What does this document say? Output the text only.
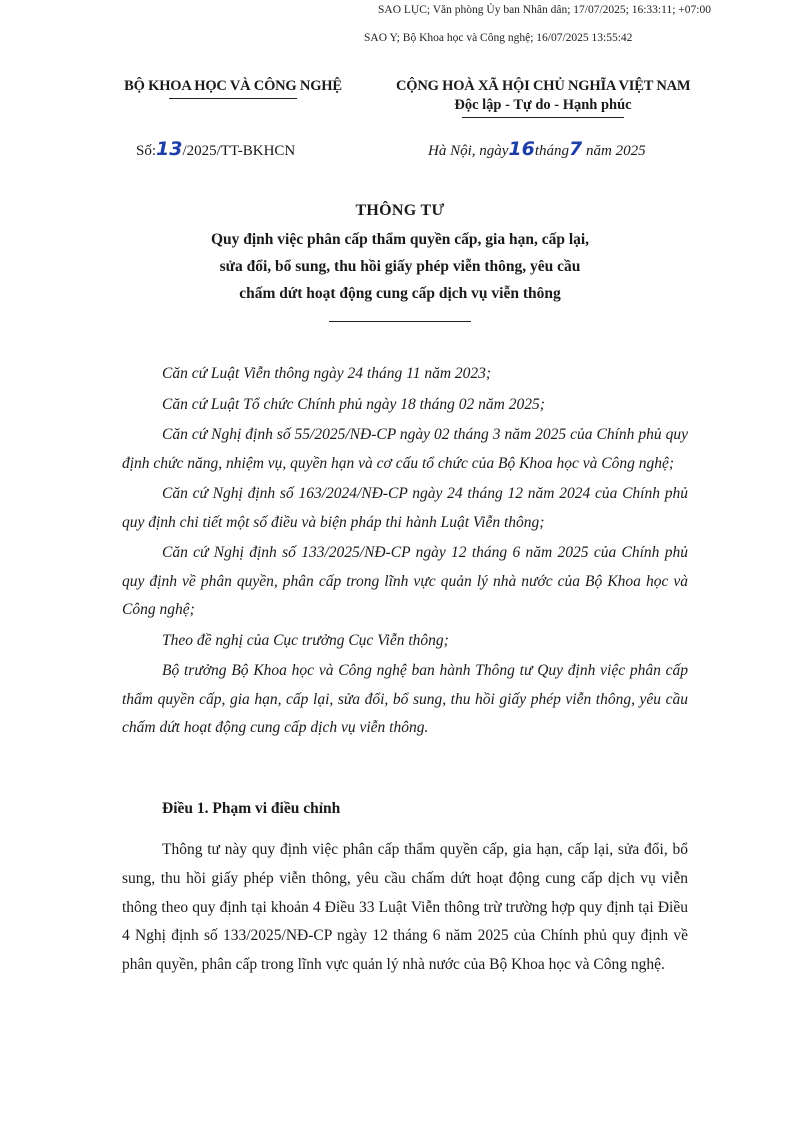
SAO LỤC; Văn phòng Ủy ban Nhân dân; 17/07/2025; 16:33:11; +07:00
SAO Y; Bộ Khoa học và Công nghệ; 16/07/2025 13:55:42
BỘ KHOA HỌC VÀ CÔNG NGHỆ	CỘNG HOÀ XÃ HỘI CHỦ NGHĨA VIỆT NAM
Độc lập - Tự do - Hạnh phúc
Số:13/2025/TT-BKHCN	Hà Nội, ngày16tháng7 năm 2025
THÔNG TƯ
Quy định việc phân cấp thẩm quyền cấp, gia hạn, cấp lại,
sửa đổi, bổ sung, thu hồi giấy phép viễn thông, yêu cầu
chấm dứt hoạt động cung cấp dịch vụ viễn thông

Căn cứ Luật Viễn thông ngày 24 tháng 11 năm 2023;

Căn cứ Luật Tổ chức Chính phủ ngày 18 tháng 02 năm 2025;

Căn cứ Nghị định số 55/2025/NĐ-CP ngày 02 tháng 3 năm 2025 của Chính phủ quy định chức năng, nhiệm vụ, quyền hạn và cơ cấu tổ chức của Bộ Khoa học và Công nghệ;

Căn cứ Nghị định số 163/2024/NĐ-CP ngày 24 tháng 12 năm 2024 của Chính phủ quy định chi tiết một số điều và biện pháp thi hành Luật Viễn thông;

Căn cứ Nghị định số 133/2025/NĐ-CP ngày 12 tháng 6 năm 2025 của Chính phủ quy định về phân quyền, phân cấp trong lĩnh vực quản lý nhà nước của Bộ Khoa học và Công nghệ;

Theo đề nghị của Cục trưởng Cục Viễn thông;

Bộ trưởng Bộ Khoa học và Công nghệ ban hành Thông tư Quy định việc phân cấp thẩm quyền cấp, gia hạn, cấp lại, sửa đổi, bổ sung, thu hồi giấy phép viễn thông, yêu cầu chấm dứt hoạt động cung cấp dịch vụ viễn thông.

Điều 1. Phạm vi điều chỉnh

Thông tư này quy định việc phân cấp thẩm quyền cấp, gia hạn, cấp lại, sửa đổi, bổ sung, thu hồi giấy phép viễn thông, yêu cầu chấm dứt hoạt động cung cấp dịch vụ viễn thông theo quy định tại khoản 4 Điều 33 Luật Viễn thông trừ trường hợp quy định tại Điều 4 Nghị định số 133/2025/NĐ-CP ngày 12 tháng 6 năm 2025 của Chính phủ quy định về phân quyền, phân cấp trong lĩnh vực quản lý nhà nước của Bộ Khoa học và Công nghệ.
